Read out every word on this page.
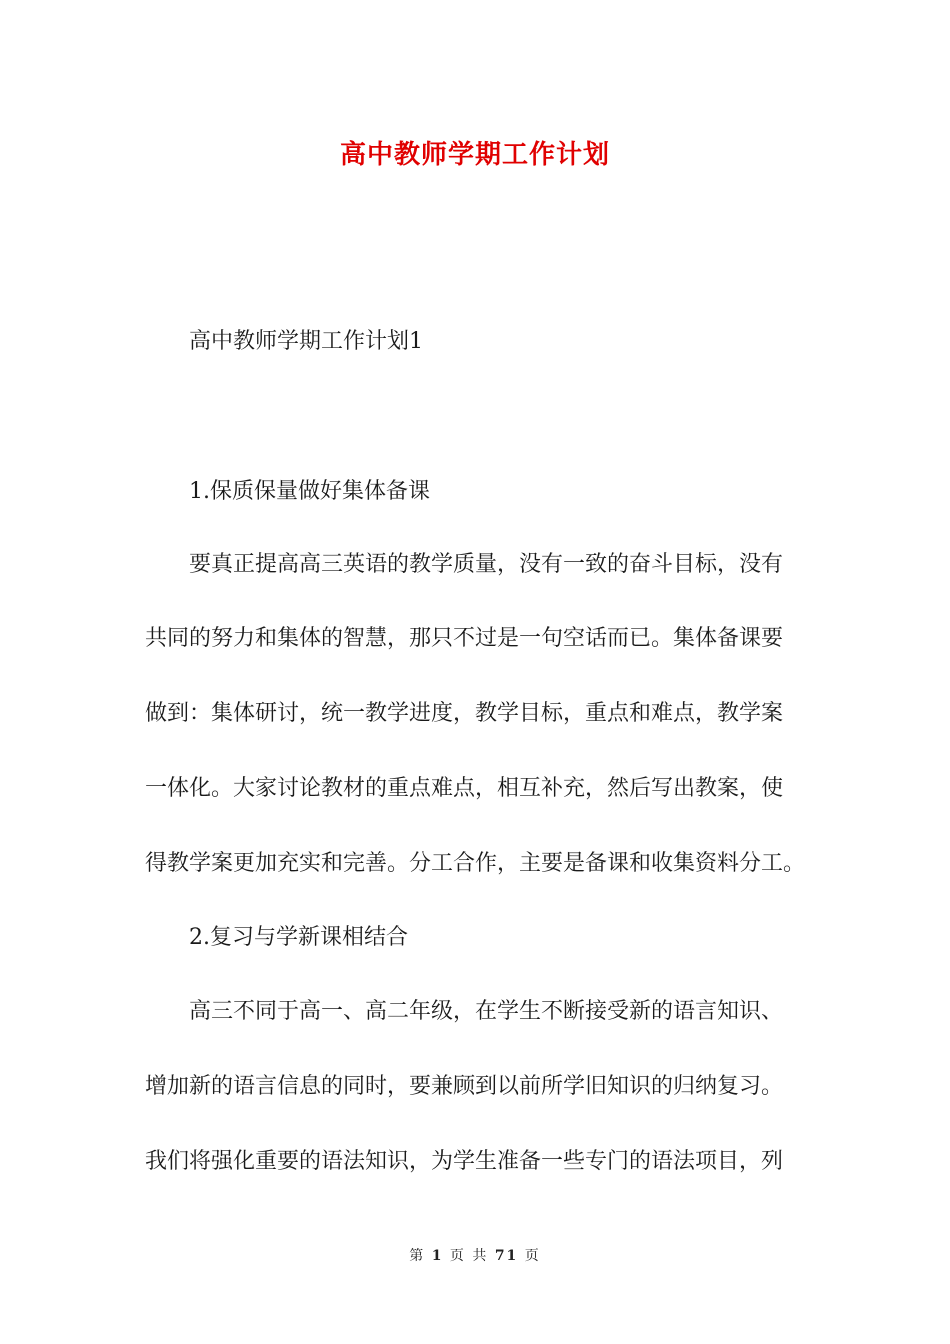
高中教师学期工作计划

高中教师学期工作计划1

1.保质保量做好集体备课

要真正提高高三英语的教学质量，没有一致的奋斗目标，没有

共同的努力和集体的智慧，那只不过是一句空话而已。集体备课要

做到：集体研讨，统一教学进度，教学目标，重点和难点，教学案

一体化。大家讨论教材的重点难点，相互补充，然后写出教案，使

得教学案更加充实和完善。分工合作，主要是备课和收集资料分工。

2.复习与学新课相结合

高三不同于高一、高二年级，在学生不断接受新的语言知识、

增加新的语言信息的同时，要兼顾到以前所学旧知识的归纳复习。

我们将强化重要的语法知识，为学生准备一些专门的语法项目，列

第 1 页 共 71 页
